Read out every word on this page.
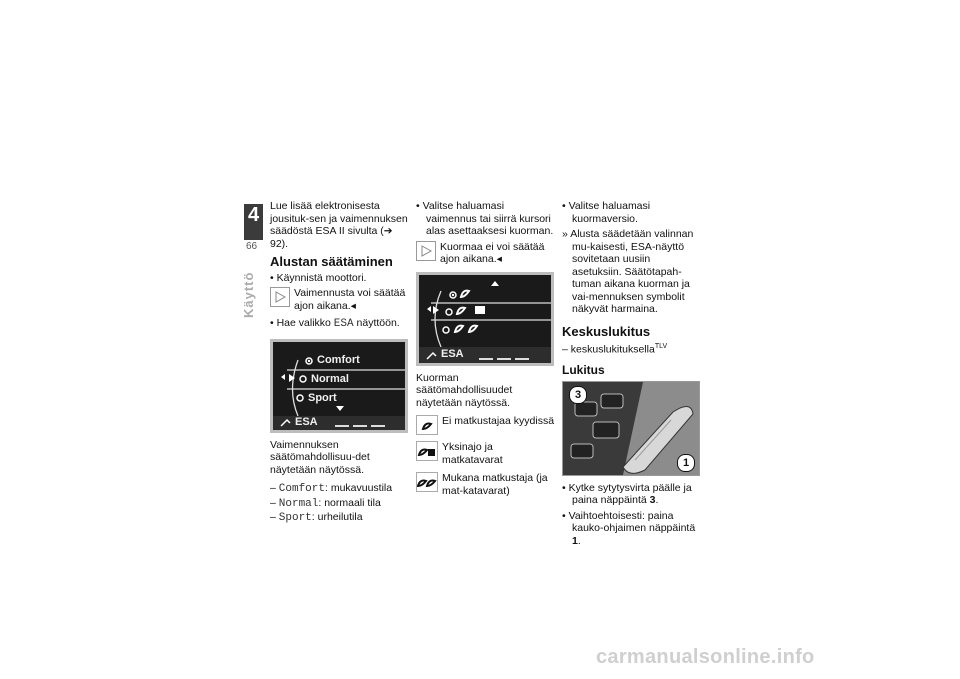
4
66
Käyttö

Lue lisää elektronisesta jousituk-sen ja vaimennuksen säädöstä ESA II sivulta (➔ 92).

Alustan säätäminen
• Käynnistä moottori.
Vaimennusta voi säätää ajon aikana.◂
• Hae valikko ESA näyttöön.
Comfort
Normal
Sport
ESA

Vaimennuksen säätömahdollisuu-det näytetään näytössä.

– Comfort: mukavuustila
– Normal: normaali tila
– Sport: urheilutila
• Valitse haluamasi vaimennus tai siirrä kursori alas asettaaksesi kuorman.
Kuormaa ei voi säätää ajon aikana.◂
ESA

Kuorman säätömahdollisuudet näytetään näytössä.

Ei matkustajaa kyydissä
Yksinajo ja matkatavarat
Mukana matkustaja (ja mat-katavarat)
• Valitse haluamasi kuormaversio.
» Alusta säädetään valinnan mu-kaisesti, ESA-näyttö sovitetaan uusiin asetuksiin. Säätötapah-tuman aikana kuorman ja vai-mennuksen symbolit näkyvät harmaina.
Keskuslukitus
– keskuslukituksella$^{TLV}$
Lukitus
3
1
• Kytke sytytysvirta päälle ja paina näppäintä 3.
• Vaihtoehtoisesti: paina kauko-ohjaimen näppäintä 1.
carmanualsonline.info
